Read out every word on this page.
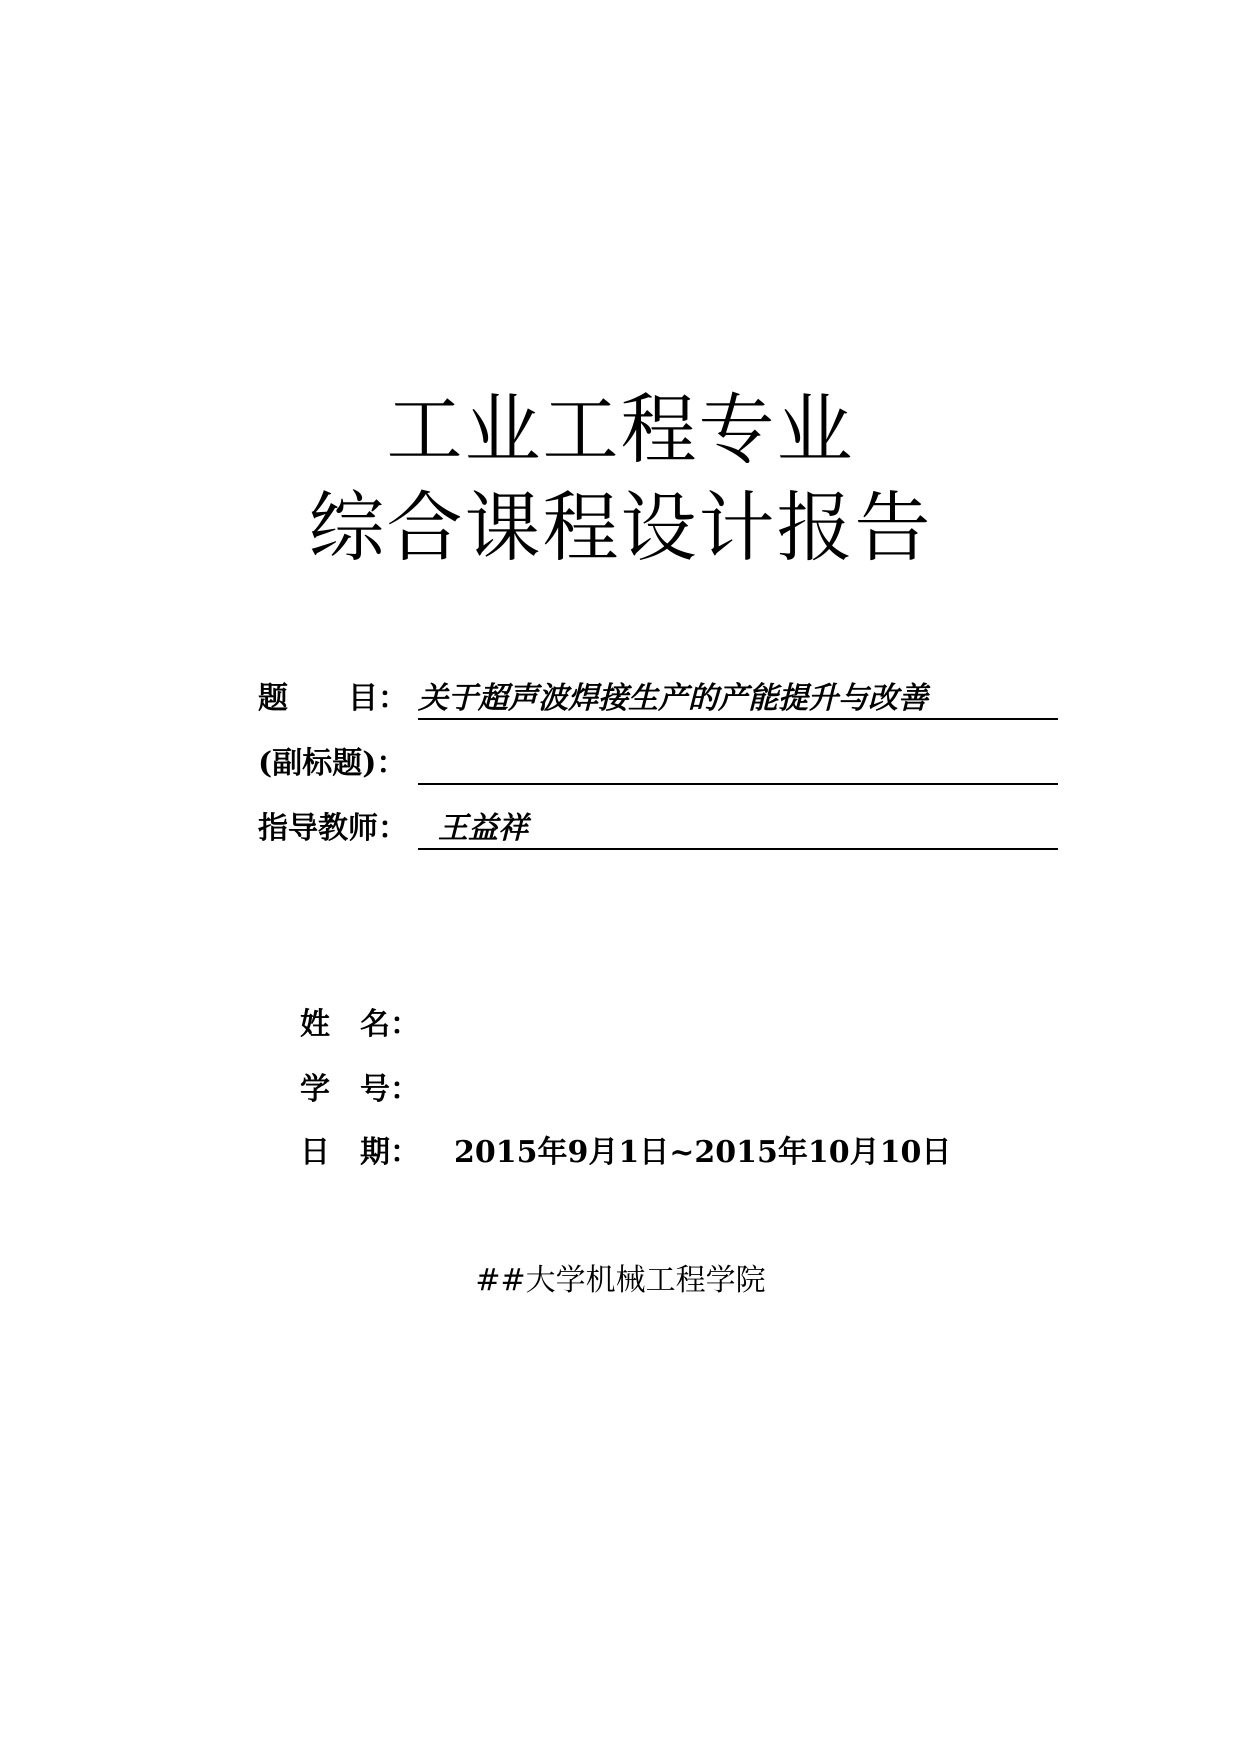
工业工程专业
综合课程设计报告
题　　目： 关于超声波焊接生产的产能提升与改善
(副标题)：
指导教师： 王益祥
姓　名：
学　号：
日　期： 2015年9月1日~2015年10月10日
##大学机械工程学院
